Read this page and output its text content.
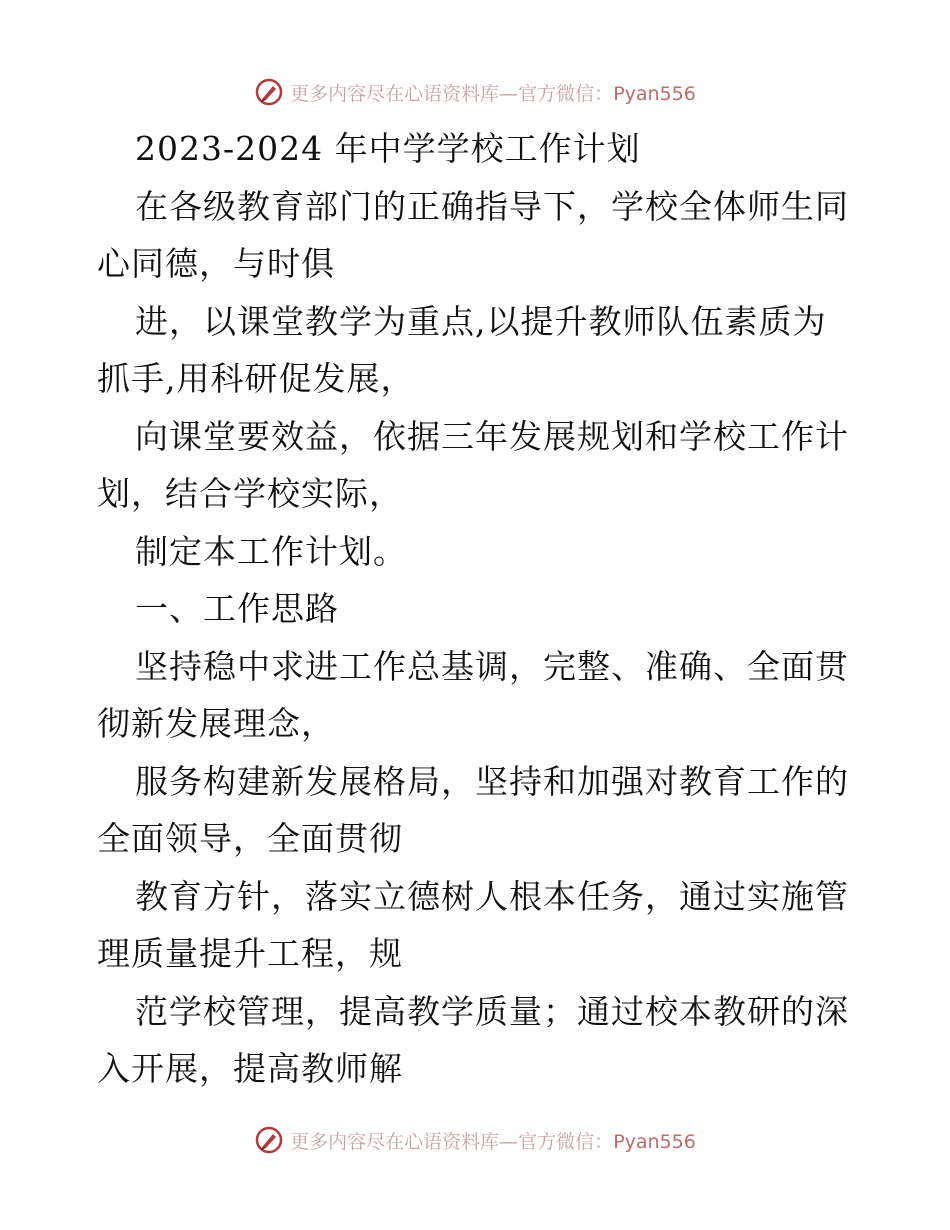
更多内容尽在心语资料库—官方微信：Pyan556
2023-2024 年中学学校工作计划
在各级教育部门的正确指导下，学校全体师生同
心同德，与时俱
进，以课堂教学为重点,以提升教师队伍素质为
抓手,用科研促发展，
向课堂要效益，依据三年发展规划和学校工作计
划，结合学校实际，
制定本工作计划。
一、工作思路
坚持稳中求进工作总基调，完整、准确、全面贯
彻新发展理念，
服务构建新发展格局，坚持和加强对教育工作的
全面领导，全面贯彻
教育方针，落实立德树人根本任务，通过实施管
理质量提升工程，规
范学校管理，提高教学质量；通过校本教研的深
入开展，提高教师解
更多内容尽在心语资料库—官方微信：Pyan556
